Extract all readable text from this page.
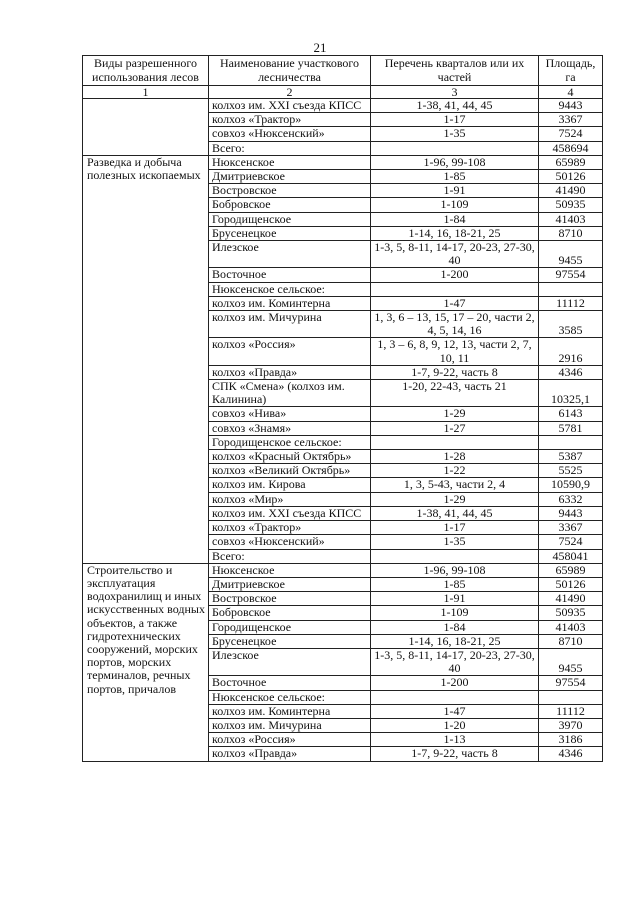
21
Виды разрешенного использования лесов	Наименование участкового лесничества	Перечень кварталов или их частей	Площадь, га
1	2	3	4
	колхоз им. XXI съезда КПСС	1-38, 41, 44, 45	9443
	колхоз «Трактор»	1-17	3367
	совхоз «Нюксенский»	1-35	7524
	Всего:		458694
Разведка и добыча полезных ископаемых	Нюксенское	1-96, 99-108	65989
	Дмитриевское	1-85	50126
	Востровское	1-91	41490
	Бобровское	1-109	50935
	Городищенское	1-84	41403
	Брусенецкое	1-14, 16, 18-21, 25	8710
	Илезское	1-3, 5, 8-11, 14-17, 20-23, 27-30, 40	9455
	Восточное	1-200	97554
	Нюксенское сельское:		
	колхоз им. Коминтерна	1-47	11112
	колхоз им. Мичурина	1, 3, 6 – 13, 15, 17 – 20, части 2, 4, 5, 14, 16	3585
	колхоз «Россия»	1, 3 – 6, 8, 9, 12, 13, части 2, 7, 10, 11	2916
	колхоз «Правда»	1-7, 9-22, часть 8	4346
	СПК «Смена» (колхоз им. Калинина)	1-20, 22-43, часть 21	10325,1
	совхоз «Нива»	1-29	6143
	совхоз «Знамя»	1-27	5781
	Городищенское сельское:		
	колхоз «Красный Октябрь»	1-28	5387
	колхоз «Великий Октябрь»	1-22	5525
	колхоз им. Кирова	1, 3, 5-43, части 2, 4	10590,9
	колхоз «Мир»	1-29	6332
	колхоз им. XXI съезда КПСС	1-38, 41, 44, 45	9443
	колхоз «Трактор»	1-17	3367
	совхоз «Нюксенский»	1-35	7524
	Всего:		458041
Строительство и эксплуатация водохранилищ и иных искусственных водных объектов, а также гидротехнических сооружений, морских портов, морских терминалов, речных портов, причалов	Нюксенское	1-96, 99-108	65989
	Дмитриевское	1-85	50126
	Востровское	1-91	41490
	Бобровское	1-109	50935
	Городищенское	1-84	41403
	Брусенецкое	1-14, 16, 18-21, 25	8710
	Илезское	1-3, 5, 8-11, 14-17, 20-23, 27-30, 40	9455
	Восточное	1-200	97554
	Нюксенское сельское:		
	колхоз им. Коминтерна	1-47	11112
	колхоз им. Мичурина	1-20	3970
	колхоз «Россия»	1-13	3186
	колхоз «Правда»	1-7, 9-22, часть 8	4346
